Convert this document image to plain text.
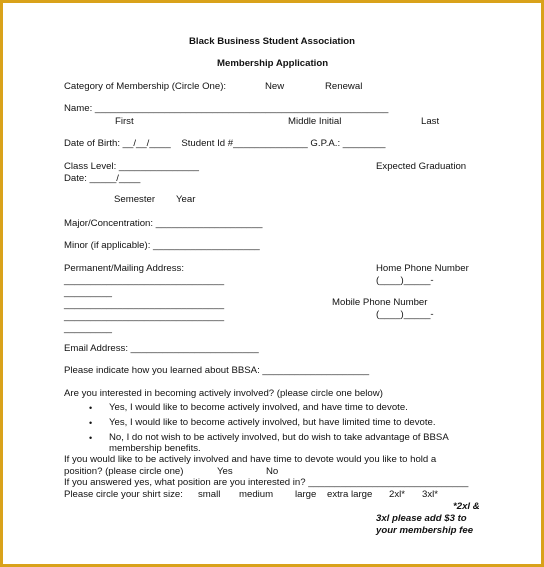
Black Business Student Association
Membership Application
Category of Membership (Circle One):	New	Renewal
Name: _______________________________________________________
First	Middle Initial	Last
Date of Birth: __/__/____    Student Id #______________ G.P.A.: ________
Class Level: _______________	Expected Graduation
Date: _____/____
Semester Year
Major/Concentration: ____________________
Minor (if applicable): ____________________
Permanent/Mailing Address:
______________________________
_________
______________________________
______________________________
_________
Home Phone Number
(____)_____-
Mobile Phone Number
(____)_____-
Email Address: ________________________
Please indicate how you learned about BBSA: ____________________
Are you interested in becoming actively involved? (please circle one below)
• Yes, I would like to become actively involved, and have time to devote.
• Yes, I would like to become actively involved, but have limited time to devote.
• No, I do not wish to be actively involved, but do wish to take advantage of BBSA
membership benefits.
If you would like to be actively involved and have time to devote would you like to hold a
position? (please circle one)	Yes	No
If you answered yes, what position are you interested in? ______________________________
Please circle your shirt size: small medium large extra large 2xl* 3xl*
*2xl &
3xl please add $3 to
your membership fee
